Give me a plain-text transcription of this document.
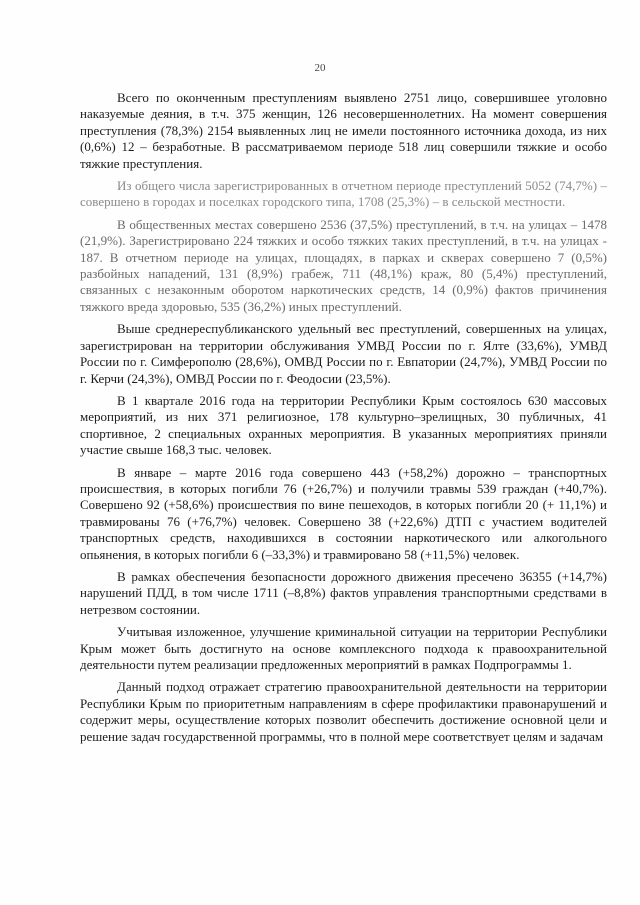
20

Всего по оконченным преступлениям выявлено 2751 лицо, совершившее уголовно наказуемые деяния, в т.ч. 375 женщин, 126 несовершеннолетних. На момент совершения преступления (78,3%) 2154 выявленных лиц не имели постоянного источника дохода, из них (0,6%) 12 – безработные. В рассматриваемом периоде 518 лиц совершили тяжкие и особо тяжкие преступления.

Из общего числа зарегистрированных в отчетном периоде преступлений 5052 (74,7%) – совершено в городах и поселках городского типа, 1708 (25,3%) – в сельской местности.

В общественных местах совершено 2536 (37,5%) преступлений, в т.ч. на улицах – 1478 (21,9%). Зарегистрировано 224 тяжких и особо тяжких таких преступлений, в т.ч. на улицах - 187. В отчетном периоде на улицах, площадях, в парках и скверах совершено 7 (0,5%) разбойных нападений, 131 (8,9%) грабеж, 711 (48,1%) краж, 80 (5,4%) преступлений, связанных с незаконным оборотом наркотических средств, 14 (0,9%) фактов причинения тяжкого вреда здоровью, 535 (36,2%) иных преступлений.

Выше среднереспубликанского удельный вес преступлений, совершенных на улицах, зарегистрирован на территории обслуживания УМВД России по г. Ялте (33,6%), УМВД России по г. Симферополю (28,6%), ОМВД России по г. Евпатории (24,7%), УМВД России по г. Керчи (24,3%), ОМВД России по г. Феодосии (23,5%).

В 1 квартале 2016 года на территории Республики Крым состоялось 630 массовых мероприятий, из них 371 религиозное, 178 культурно–зрелищных, 30 публичных, 41 спортивное, 2 специальных охранных мероприятия. В указанных мероприятиях приняли участие свыше 168,3 тыс. человек.

В январе – марте 2016 года совершено 443 (+58,2%) дорожно – транспортных происшествия, в которых погибли 76 (+26,7%) и получили травмы 539 граждан (+40,7%). Совершено 92 (+58,6%) происшествия по вине пешеходов, в которых погибли 20 (+ 11,1%) и травмированы 76 (+76,7%) человек. Совершено 38 (+22,6%) ДТП с участием водителей транспортных средств, находившихся в состоянии наркотического или алкогольного опьянения, в которых погибли 6 (–33,3%) и травмировано 58 (+11,5%) человек.

В рамках обеспечения безопасности дорожного движения пресечено 36355 (+14,7%) нарушений ПДД, в том числе 1711 (–8,8%) фактов управления транспортными средствами в нетрезвом состоянии.

Учитывая изложенное, улучшение криминальной ситуации на территории Республики Крым может быть достигнуто на основе комплексного подхода к правоохранительной деятельности путем реализации предложенных мероприятий в рамках Подпрограммы 1.

Данный подход отражает стратегию правоохранительной деятельности на территории Республики Крым по приоритетным направлениям в сфере профилактики правонарушений и содержит меры, осуществление которых позволит обеспечить достижение основной цели и решение задач государственной программы, что в полной мере соответствует целям и задачам
